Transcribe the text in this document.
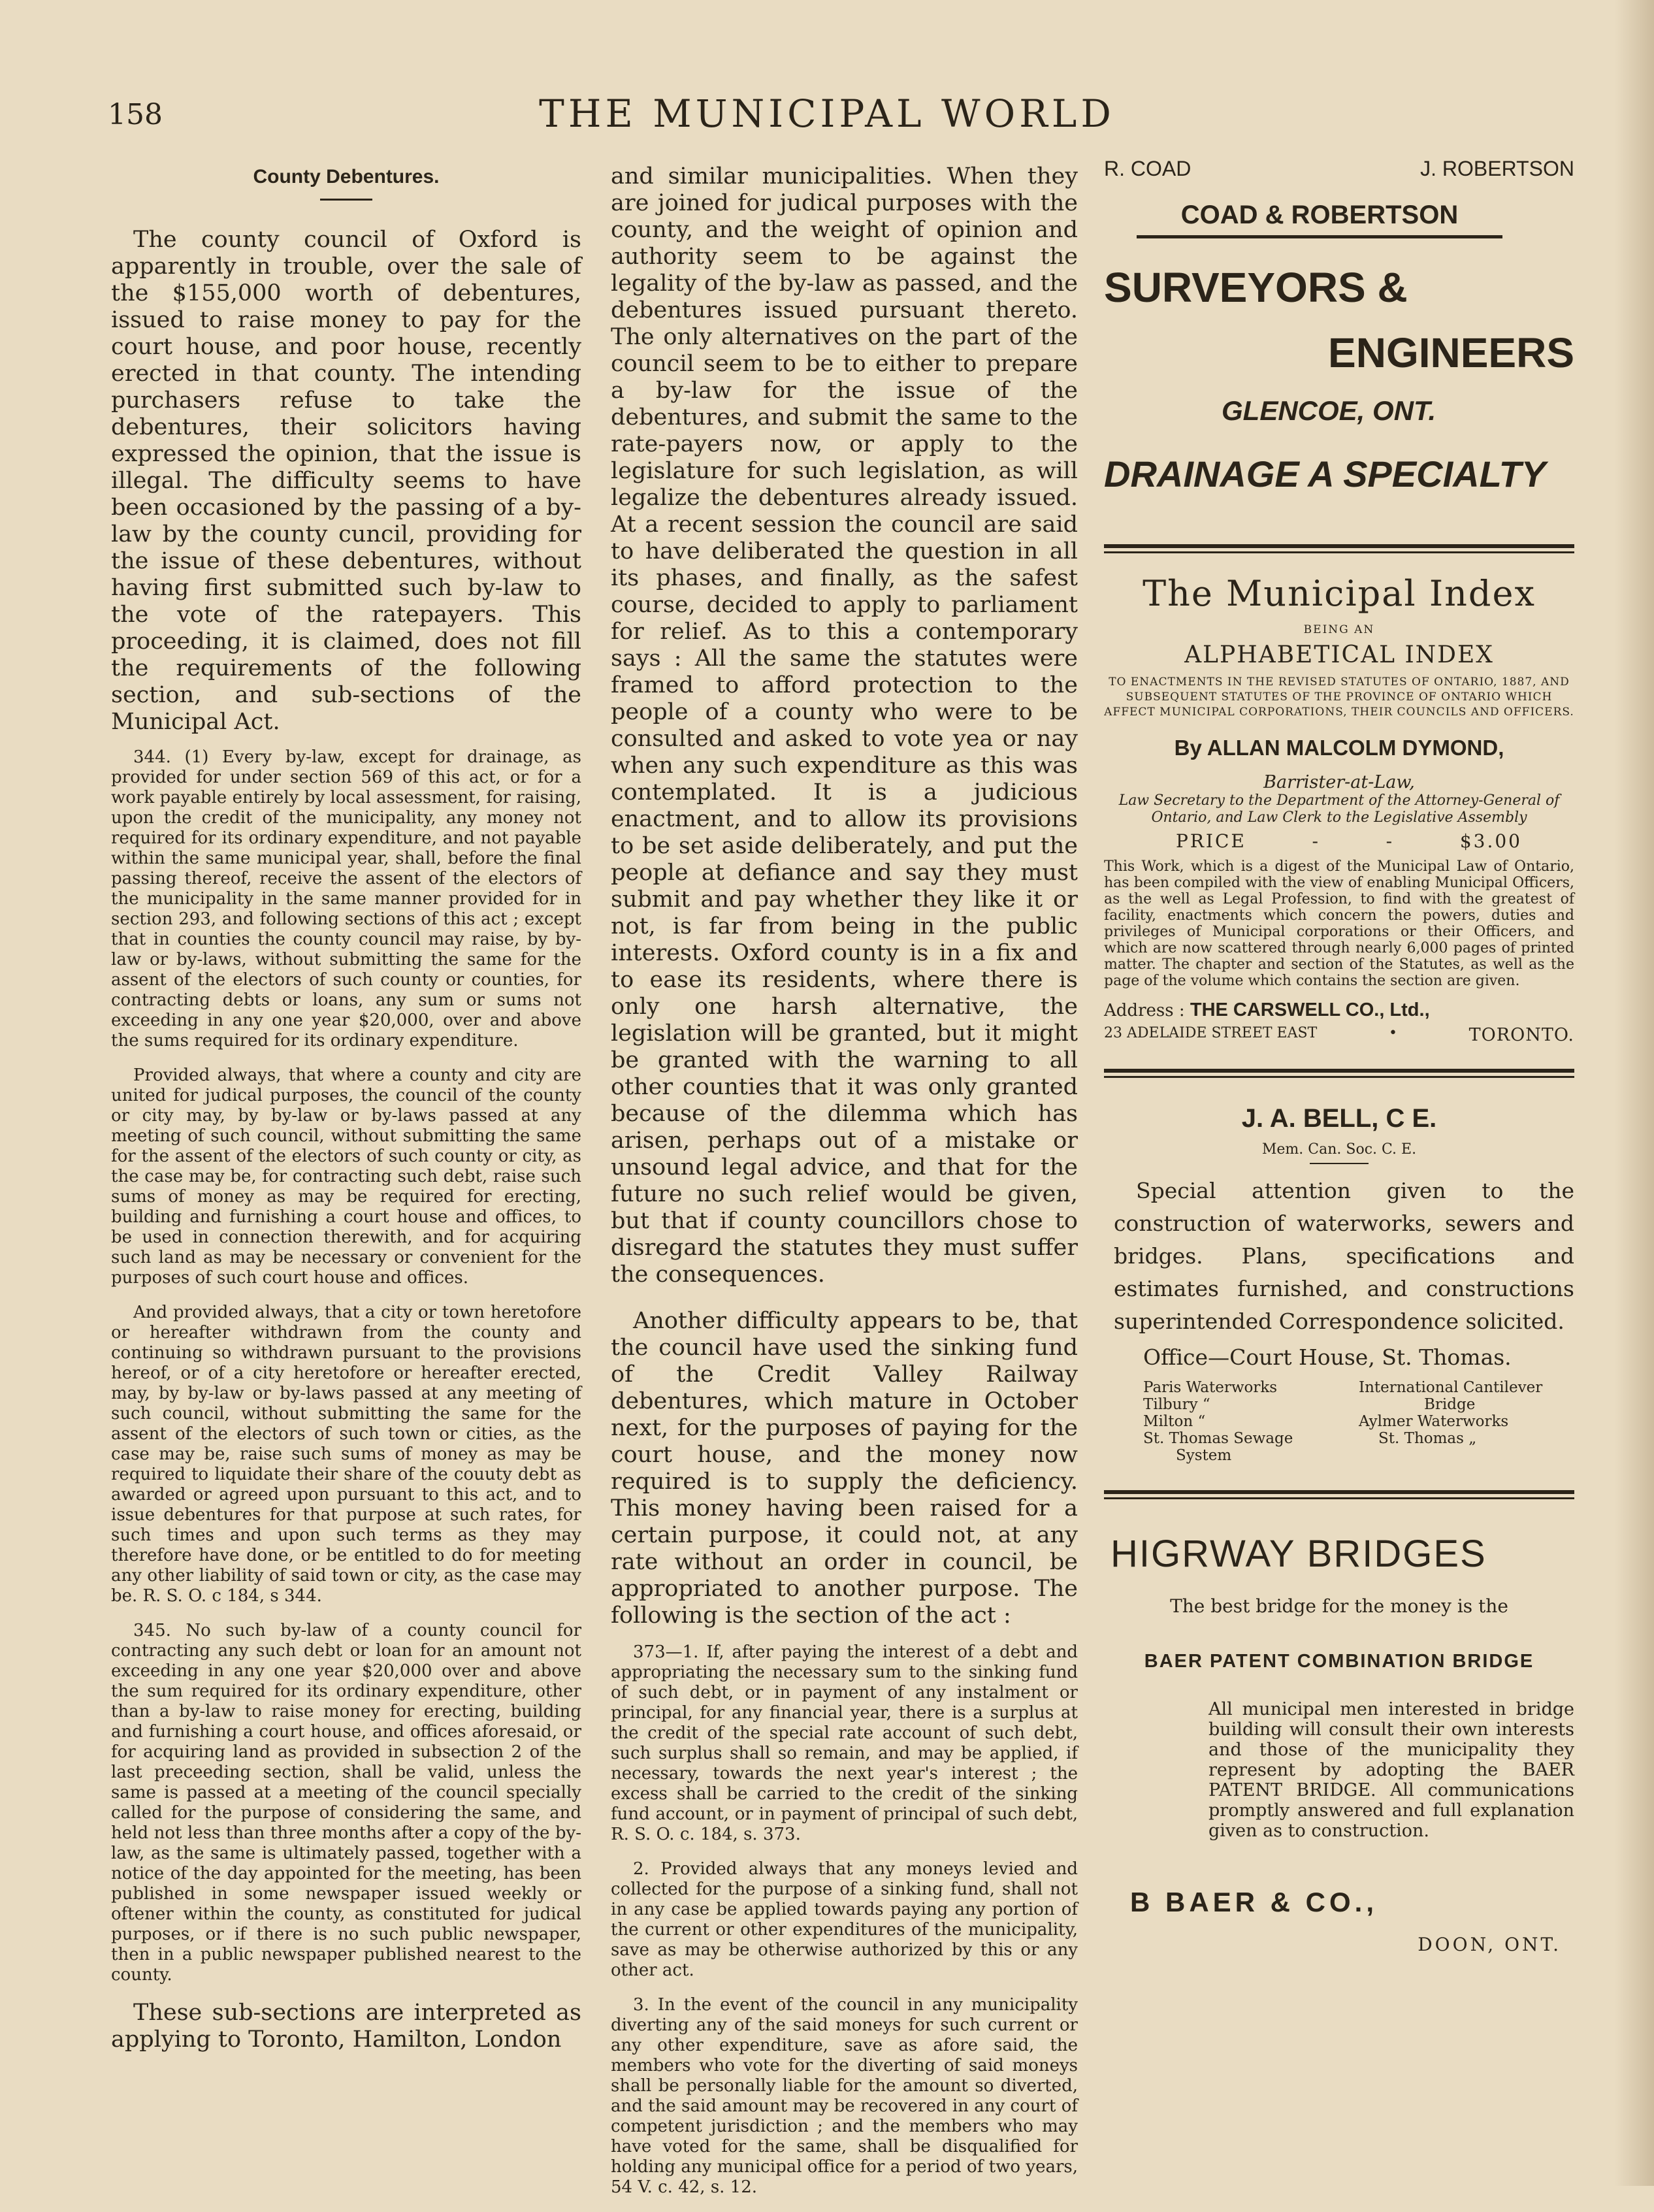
158	THE MUNICIPAL WORLD
County Debentures.

The county council of Oxford is apparently in trouble, over the sale of the $155,000 worth of debentures, issued to raise money to pay for the court house, and poor house, recently erected in that county. The intending purchasers refuse to take the debentures, their solicitors having expressed the opinion, that the issue is illegal. The difficulty seems to have been occasioned by the passing of a by-law by the county cuncil, providing for the issue of these debentures, without having first submitted such by-law to the vote of the ratepayers. This proceeding, it is claimed, does not fill the requirements of the following section, and sub-sections of the Municipal Act.

344. (1) Every by-law, except for drainage, as provided for under section 569 of this act, or for a work payable entirely by local assessment, for raising, upon the credit of the municipality, any money not required for its ordinary expenditure, and not payable within the same municipal year, shall, before the final passing thereof, receive the assent of the electors of the municipality in the same manner provided for in section 293, and following sections of this act ; except that in counties the county council may raise, by by-law or by-laws, without submitting the same for the assent of the electors of such county or counties, for contracting debts or loans, any sum or sums not exceeding in any one year $20,000, over and above the sums required for its ordinary expenditure.

Provided always, that where a county and city are united for judical purposes, the council of the county or city may, by by-law or by-laws passed at any meeting of such council, without submitting the same for the assent of the electors of such county or city, as the case may be, for contracting such debt, raise such sums of money as may be required for erecting, building and furnishing a court house and offices, to be used in connection therewith, and for acquiring such land as may be necessary or convenient for the purposes of such court house and offices.

And provided always, that a city or town heretofore or hereafter withdrawn from the county and continuing so withdrawn pursuant to the provisions hereof, or of a city heretofore or hereafter erected, may, by by-law or by-laws passed at any meeting of such council, without submitting the same for the assent of the electors of such town or cities, as the case may be, raise such sums of money as may be required to liquidate their share of the couuty debt as awarded or agreed upon pursuant to this act, and to issue debentures for that purpose at such rates, for such times and upon such terms as they may therefore have done, or be entitled to do for meeting any other liability of said town or city, as the case may be. R. S. O. c 184, s 344.

345. No such by-law of a county council for contracting any such debt or loan for an amount not exceeding in any one year $20,000 over and above the sum required for its ordinary expenditure, other than a by-law to raise money for erecting, building and furnishing a court house, and offices aforesaid, or for acquiring land as provided in subsection 2 of the last preceeding section, shall be valid, unless the same is passed at a meeting of the council specially called for the purpose of considering the same, and held not less than three months after a copy of the by-law, as the same is ultimately passed, together with a notice of the day appointed for the meeting, has been published in some newspaper issued weekly or oftener within the county, as constituted for judical purposes, or if there is no such public newspaper, then in a public newspaper published nearest to the county.

These sub-sections are interpreted as applying to Toronto, Hamilton, London

and similar municipalities. When they are joined for judical purposes with the county, and the weight of opinion and authority seem to be against the legality of the by-law as passed, and the debentures issued pursuant thereto. The only alternatives on the part of the council seem to be to either to prepare a by-law for the issue of the debentures, and submit the same to the rate-payers now, or apply to the legislature for such legislation, as will legalize the debentures already issued. At a recent session the council are said to have deliberated the question in all its phases, and finally, as the safest course, decided to apply to parliament for relief. As to this a contemporary says : All the same the statutes were framed to afford protection to the people of a county who were to be consulted and asked to vote yea or nay when any such expenditure as this was contemplated. It is a judicious enactment, and to allow its provisions to be set aside deliberately, and put the people at defiance and say they must submit and pay whether they like it or not, is far from being in the public interests. Oxford county is in a fix and to ease its residents, where there is only one harsh alternative, the legislation will be granted, but it might be granted with the warning to all other counties that it was only granted because of the dilemma which has arisen, perhaps out of a mistake or unsound legal advice, and that for the future no such relief would be given, but that if county councillors chose to disregard the statutes they must suffer the consequences.

Another difficulty appears to be, that the council have used the sinking fund of the Credit Valley Railway debentures, which mature in October next, for the purposes of paying for the court house, and the money now required is to supply the deficiency. This money having been raised for a certain purpose, it could not, at any rate without an order in council, be appropriated to another purpose. The following is the section of the act :

373—1. If, after paying the interest of a debt and appropriating the necessary sum to the sinking fund of such debt, or in payment of any instalment or principal, for any financial year, there is a surplus at the credit of the special rate account of such debt, such surplus shall so remain, and may be applied, if necessary, towards the next year's interest ; the excess shall be carried to the credit of the sinking fund account, or in payment of principal of such debt, R. S. O. c. 184, s. 373.

2. Provided always that any moneys levied and collected for the purpose of a sinking fund, shall not in any case be applied towards paying any portion of the current or other expenditures of the municipality, save as may be otherwise authorized by this or any other act.

3. In the event of the council in any municipality diverting any of the said moneys for such current or any other expenditure, save as afore said, the members who vote for the diverting of said moneys shall be personally liable for the amount so diverted, and the said amount may be recovered in any court of competent jurisdiction ; and the members who may have voted for the same, shall be disqualified for holding any municipal office for a period of two years, 54 V. c. 42, s. 12.

R. COAD	J. ROBERTSON
COAD & ROBERTSON
SURVEYORS &
ENGINEERS
GLENCOE, ONT.
DRAINAGE A SPECIALTY
The Municipal Index
BEING AN
ALPHABETICAL INDEX
TO ENACTMENTS IN THE REVISED STATUTES OF ONTARIO, 1887, AND SUBSEQUENT STATUTES OF THE PROVINCE OF ONTARIO WHICH AFFECT MUNICIPAL CORPORATIONS, THEIR COUNCILS AND OFFICERS.
By ALLAN MALCOLM DYMOND,
Barrister-at-Law,
Law Secretary to the Department of the Attorney-General of Ontario, and Law Clerk to the Legislative Assembly
PRICE	-	-	$3.00

This Work, which is a digest of the Municipal Law of Ontario, has been compiled with the view of enabling Municipal Officers, as the well as Legal Profession, to find with the greatest of facility, enactments which concern the powers, duties and privileges of Municipal corporations or their Officers, and which are now scattered through nearly 6,000 pages of printed matter. The chapter and section of the Statutes, as well as the page of the volume which contains the section are given.

Address : THE CARSWELL CO., Ltd.,
23 ADELAIDE STREET EAST	•	TORONTO.
J. A. BELL, C E.
Mem. Can. Soc. C. E.

Special attention given to the construction of waterworks, sewers and bridges. Plans, specifications and estimates furnished, and constructions superintended Correspondence solicited.

Office—Court House, St. Thomas.
Paris Waterworks
Tilbury “
Milton “
St. Thomas Sewage
System
International Cantilever
Bridge
Aylmer Waterworks
St. Thomas „
HIGRWAY BRIDGES
The best bridge for the money is the
BAER PATENT COMBINATION BRIDGE

All municipal men interested in bridge building will consult their own interests and those of the municipality they represent by adopting the BAER PATENT BRIDGE. All communications promptly answered and full explanation given as to construction.

B BAER & CO.,
DOON, ONT.
